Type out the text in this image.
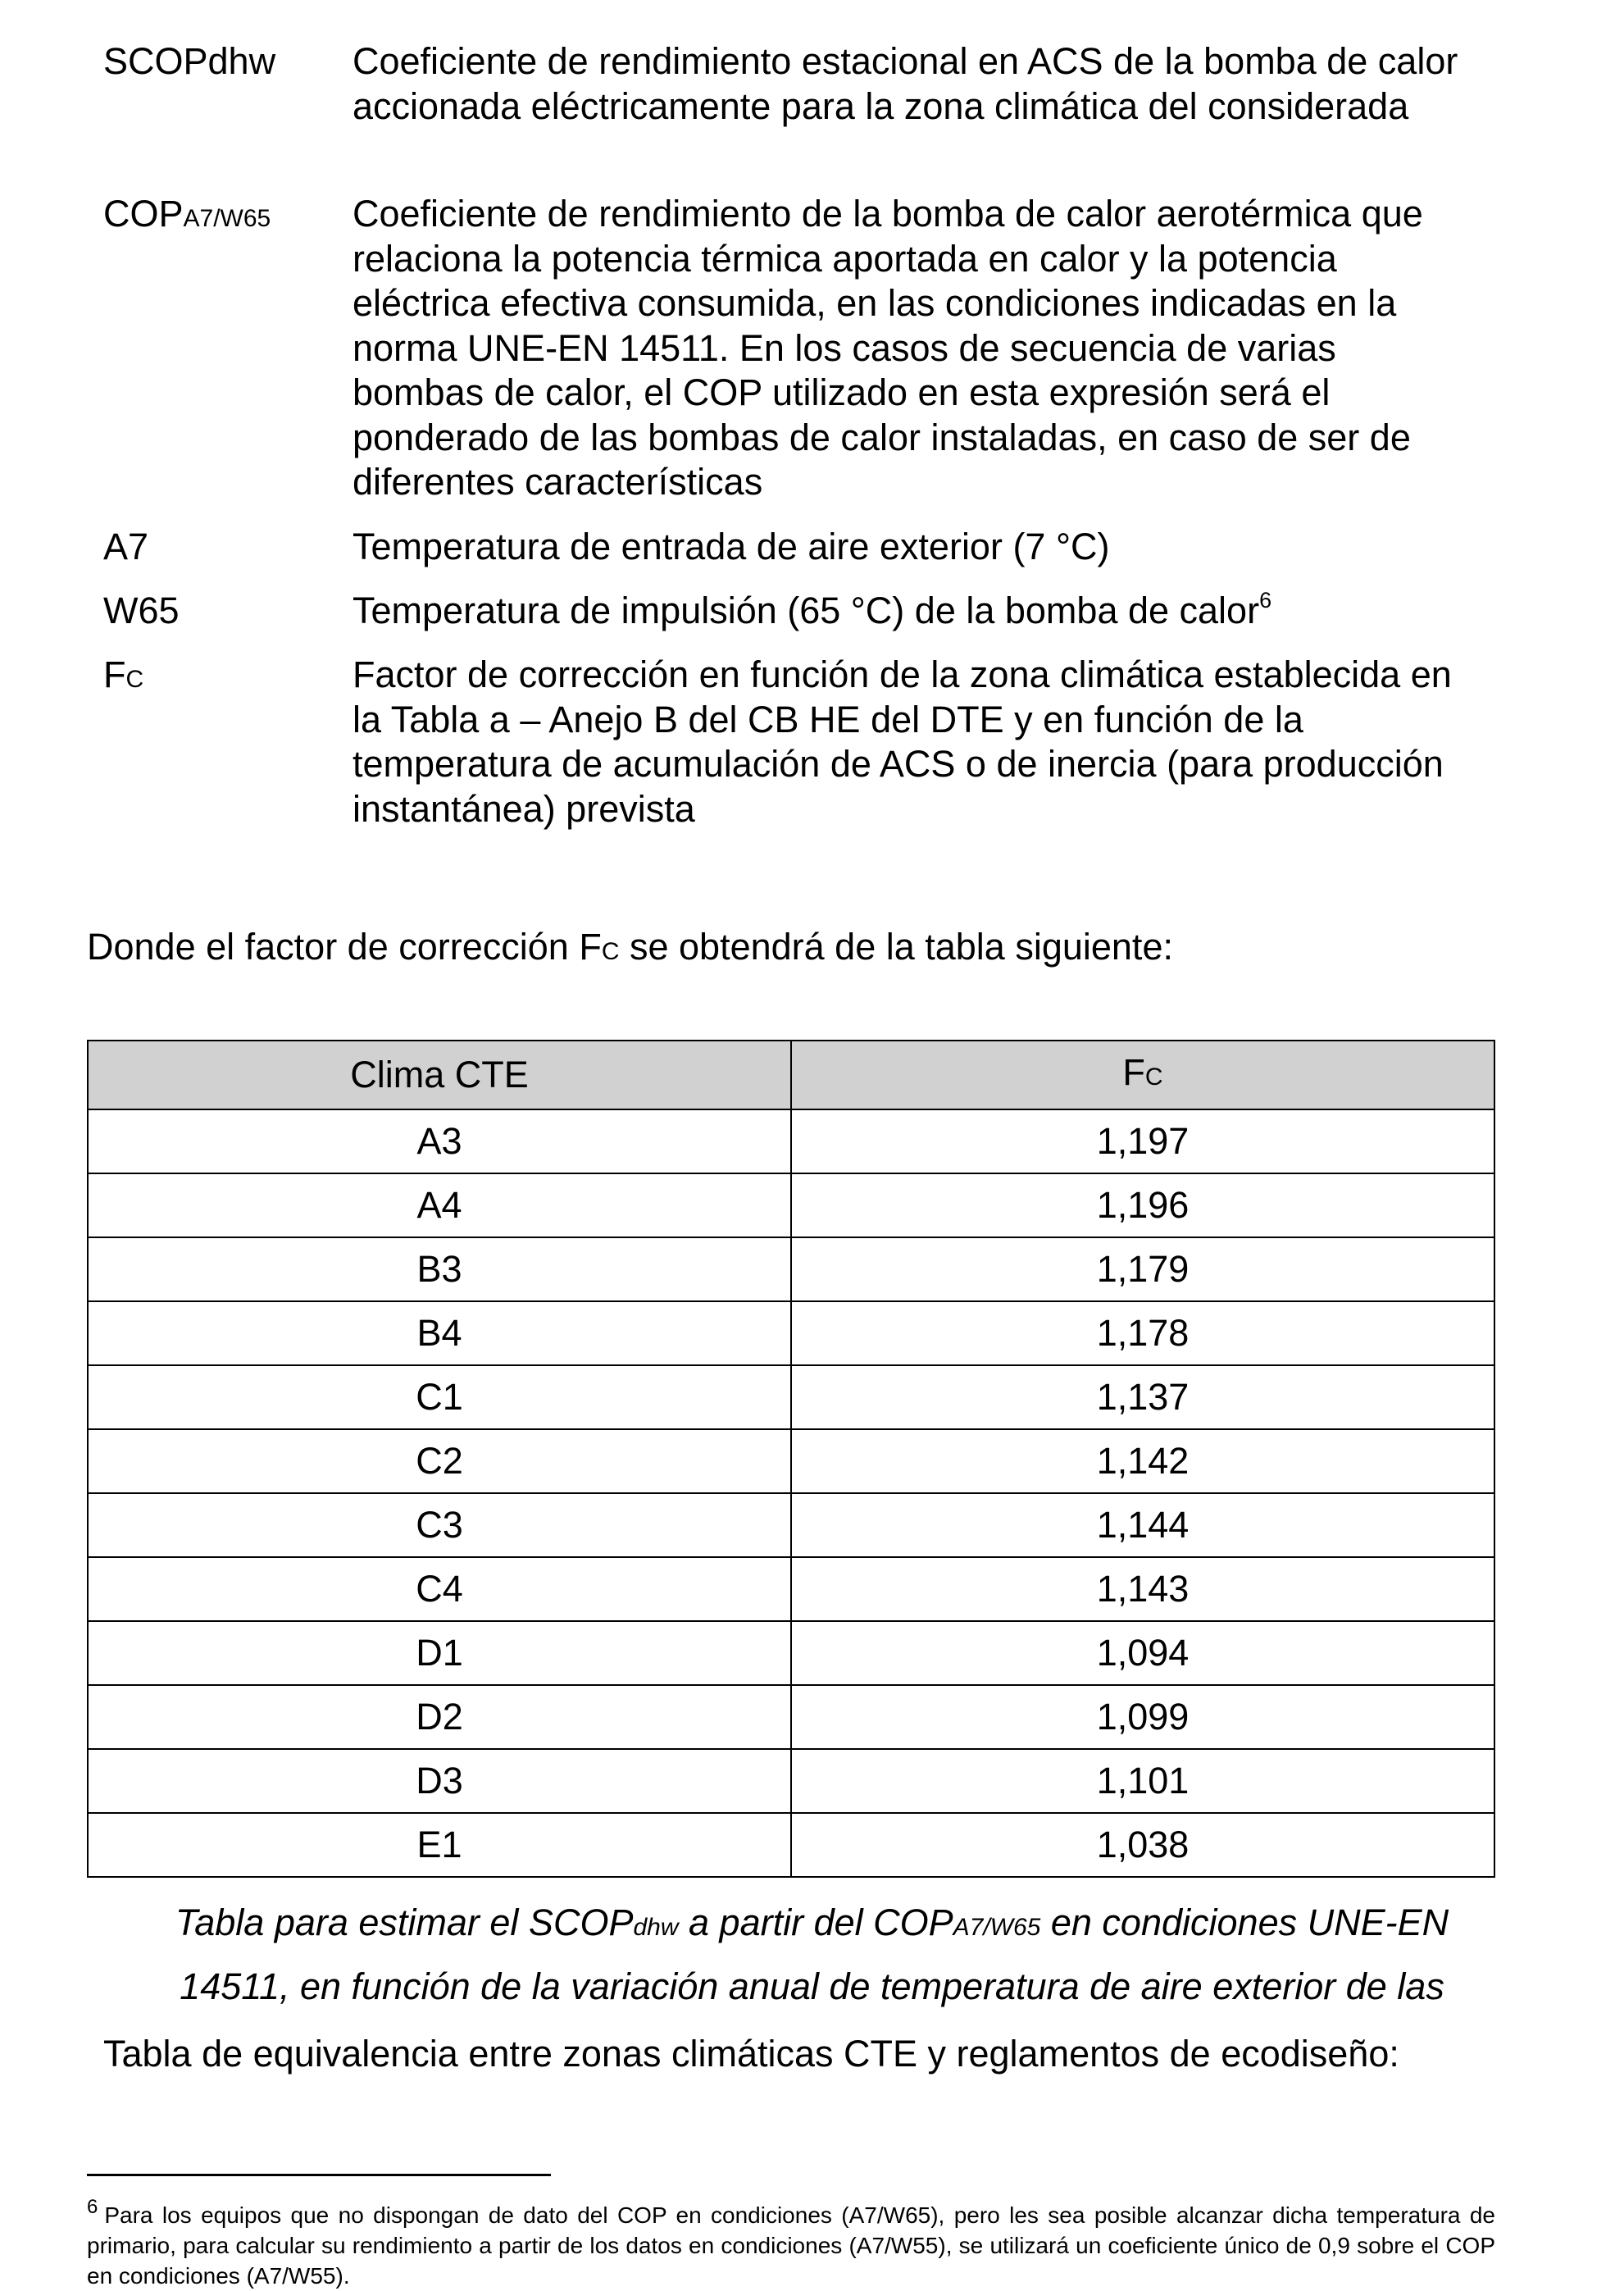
SCOPdhw Coeficiente de rendimiento estacional en ACS de la bomba de calor accionada eléctricamente para la zona climática del considerada
COPA7/W65 Coeficiente de rendimiento de la bomba de calor aerotérmica que relaciona la potencia térmica aportada en calor y la potencia eléctrica efectiva consumida, en las condiciones indicadas en la norma UNE-EN 14511. En los casos de secuencia de varias bombas de calor, el COP utilizado en esta expresión será el ponderado de las bombas de calor instaladas, en caso de ser de diferentes características
A7	Temperatura de entrada de aire exterior (7 °C)
W65	Temperatura de impulsión (65 °C) de la bomba de calor$^6$
FC	Factor de corrección en función de la zona climática establecida en la Tabla a – Anejo B del CB HE del DTE y en función de la temperatura de acumulación de ACS o de inercia (para producción instantánea) prevista
Donde el factor de corrección FC se obtendrá de la tabla siguiente:
Clima CTE	FC
A3	1,197
A4	1,196
B3	1,179
B4	1,178
C1	1,137
C2	1,142
C3	1,144
C4	1,143
D1	1,094
D2	1,099
D3	1,101
E1	1,038
Tabla para estimar el SCOPdhw a partir del COPA7/W65 en condiciones UNE-EN
14511, en función de la variación anual de temperatura de aire exterior de las
Tabla de equivalencia entre zonas climáticas CTE y reglamentos de ecodiseño:
6 Para los equipos que no dispongan de dato del COP en condiciones (A7/W65), pero les sea posible alcanzar dicha temperatura de primario, para calcular su rendimiento a partir de los datos en condiciones (A7/W55), se utilizará un coeficiente único de 0,9 sobre el COP en condiciones (A7/W55).
